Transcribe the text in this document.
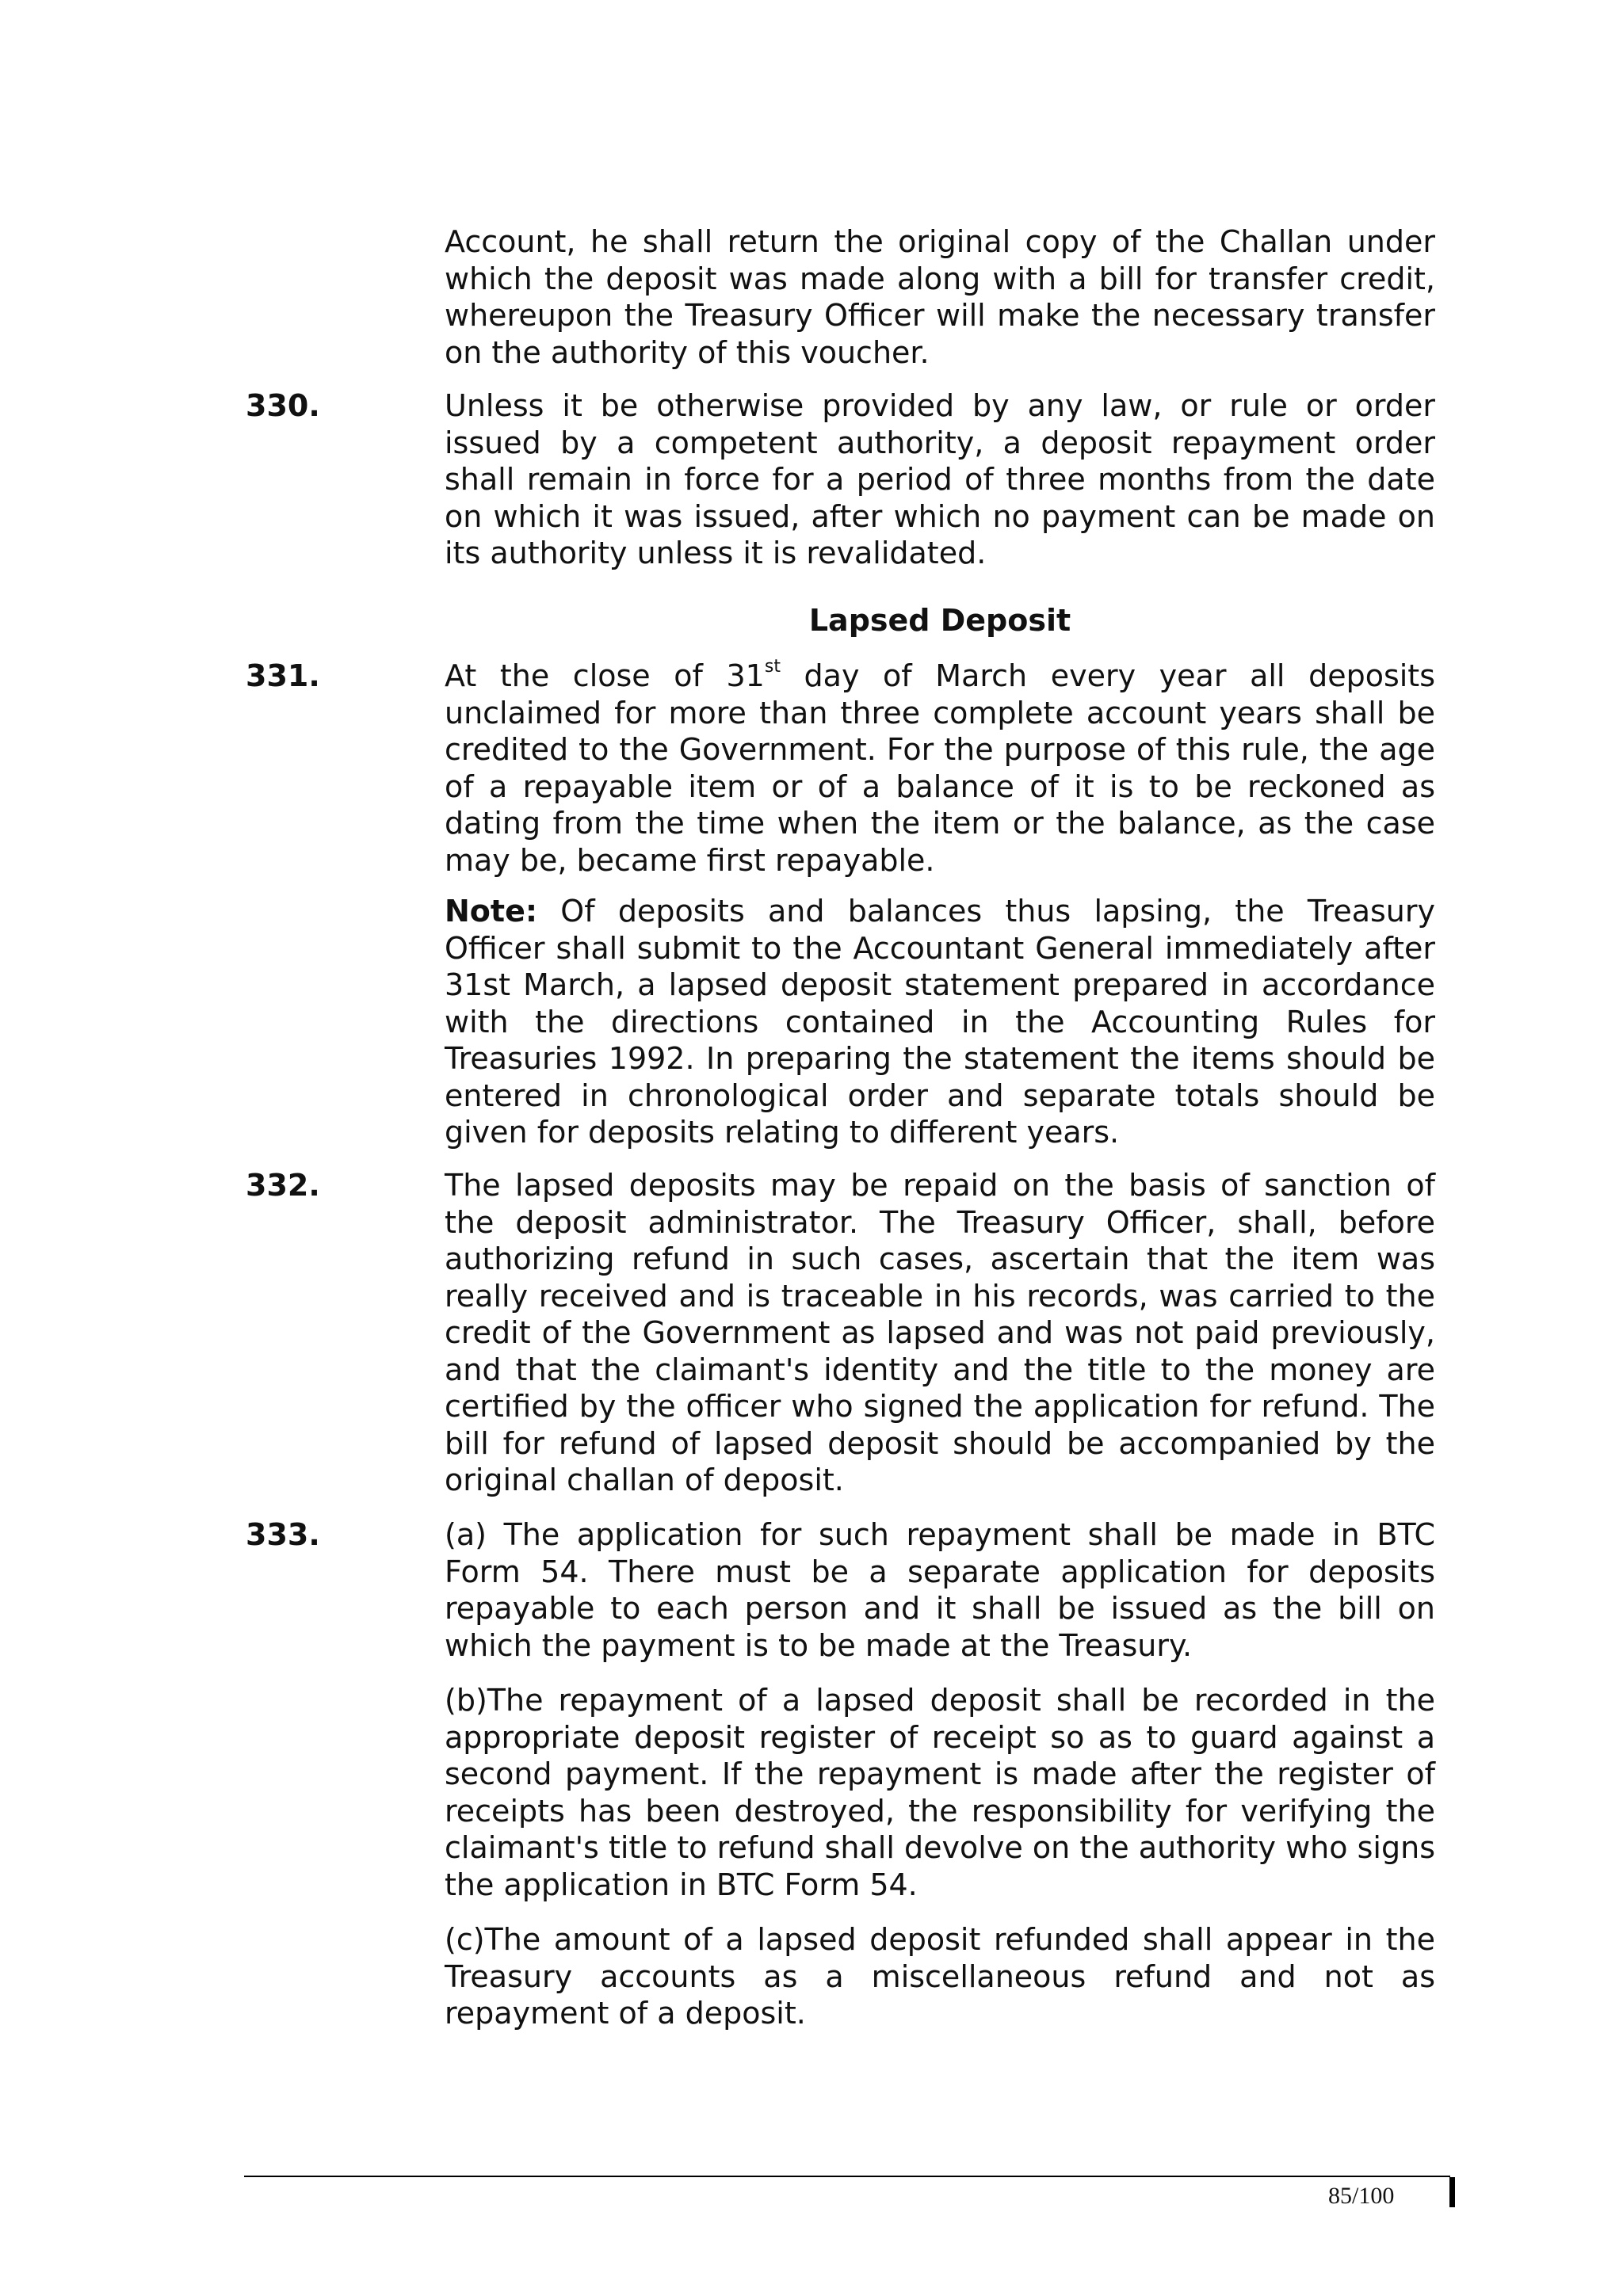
Account, he shall return the original copy of the Challan under which the deposit was made along with a bill for transfer credit, whereupon the Treasury Officer will make the necessary transfer on the authority of this voucher.

330.	Unless it be otherwise provided by any law, or rule or order issued by a competent authority, a deposit repayment order shall remain in force for a period of three months from the date on which it was issued, after which no payment can be made on its authority unless it is revalidated.

Lapsed Deposit

331.	At the close of 31st day of March every year all deposits unclaimed for more than three complete account years shall be credited to the Government. For the purpose of this rule, the age of a repayable item or of a balance of it is to be reckoned as dating from the time when the item or the balance, as the case may be, became first repayable.

Note: Of deposits and balances thus lapsing, the Treasury Officer shall submit to the Accountant General immediately after 31st March, a lapsed deposit statement prepared in accordance with the directions contained in the Accounting Rules for Treasuries 1992. In preparing the statement the items should be entered in chronological order and separate totals should be given for deposits relating to different years.

332.	The lapsed deposits may be repaid on the basis of sanction of the deposit administrator. The Treasury Officer, shall, before authorizing refund in such cases, ascertain that the item was really received and is traceable in his records, was carried to the credit of the Government as lapsed and was not paid previously, and that the claimant's identity and the title to the money are certified by the officer who signed the application for refund. The bill for refund of lapsed deposit should be accompanied by the original challan of deposit.

333.	(a) The application for such repayment shall be made in BTC Form 54. There must be a separate application for deposits repayable to each person and it shall be issued as the bill on which the payment is to be made at the Treasury.

(b)The repayment of a lapsed deposit shall be recorded in the appropriate deposit register of receipt so as to guard against a second payment. If the repayment is made after the register of receipts has been destroyed, the responsibility for verifying the claimant's title to refund shall devolve on the authority who signs the application in BTC Form 54.

(c)The amount of a lapsed deposit refunded shall appear in the Treasury accounts as a miscellaneous refund and not as repayment of a deposit.

85/100
